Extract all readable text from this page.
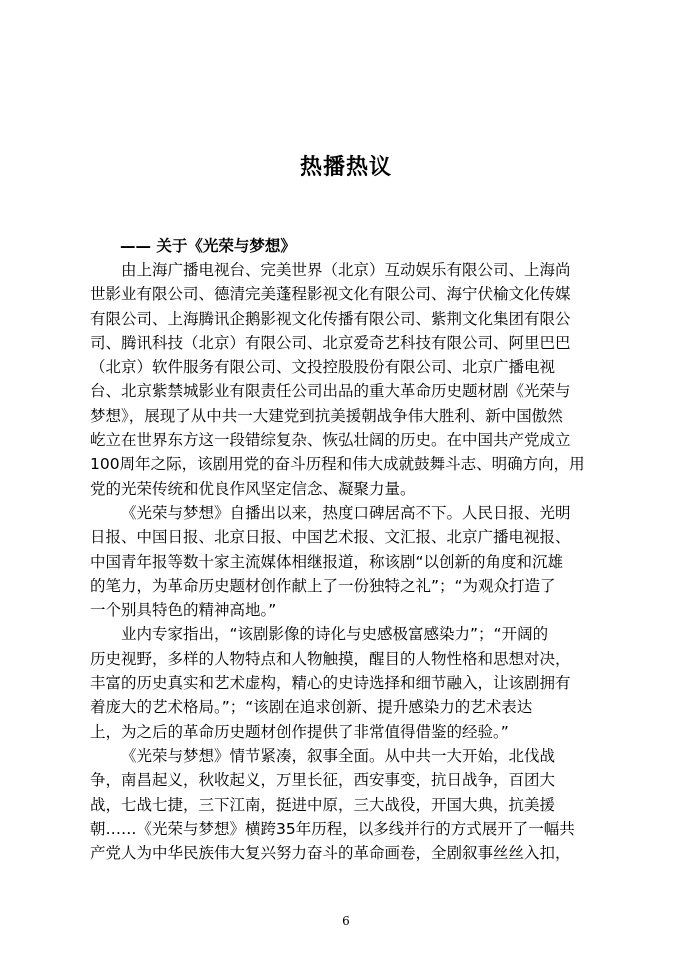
热播热议
—— 关于《光荣与梦想》
由上海广播电视台、完美世界（北京）互动娱乐有限公司、上海尚
世影业有限公司、德清完美蓬程影视文化有限公司、海宁伏榆文化传媒
有限公司、上海腾讯企鹅影视文化传播有限公司、紫荆文化集团有限公
司、腾讯科技（北京）有限公司、北京爱奇艺科技有限公司、阿里巴巴
（北京）软件服务有限公司、文投控股股份有限公司、北京广播电视
台、北京紫禁城影业有限责任公司出品的重大革命历史题材剧《光荣与
梦想》，展现了从中共一大建党到抗美援朝战争伟大胜利、新中国傲然
屹立在世界东方这一段错综复杂、恢弘壮阔的历史。在中国共产党成立
100周年之际，该剧用党的奋斗历程和伟大成就鼓舞斗志、明确方向，用
党的光荣传统和优良作风坚定信念、凝聚力量。
《光荣与梦想》自播出以来，热度口碑居高不下。人民日报、光明
日报、中国日报、北京日报、中国艺术报、文汇报、北京广播电视报、
中国青年报等数十家主流媒体相继报道，称该剧“以创新的角度和沉雄
的笔力，为革命历史题材创作献上了一份独特之礼”；“为观众打造了
一个别具特色的精神高地。”
业内专家指出，“该剧影像的诗化与史感极富感染力”；“开阔的
历史视野，多样的人物特点和人物触摸，醒目的人物性格和思想对决，
丰富的历史真实和艺术虚构，精心的史诗选择和细节融入，让该剧拥有
着庞大的艺术格局。”；“该剧在追求创新、提升感染力的艺术表达
上，为之后的革命历史题材创作提供了非常值得借鉴的经验。”
《光荣与梦想》情节紧凑，叙事全面。从中共一大开始，北伐战
争，南昌起义，秋收起义，万里长征，西安事变，抗日战争，百团大
战，七战七捷，三下江南，挺进中原，三大战役，开国大典，抗美援
朝……《光荣与梦想》横跨35年历程，以多线并行的方式展开了一幅共
产党人为中华民族伟大复兴努力奋斗的革命画卷，全剧叙事丝丝入扣，
6
